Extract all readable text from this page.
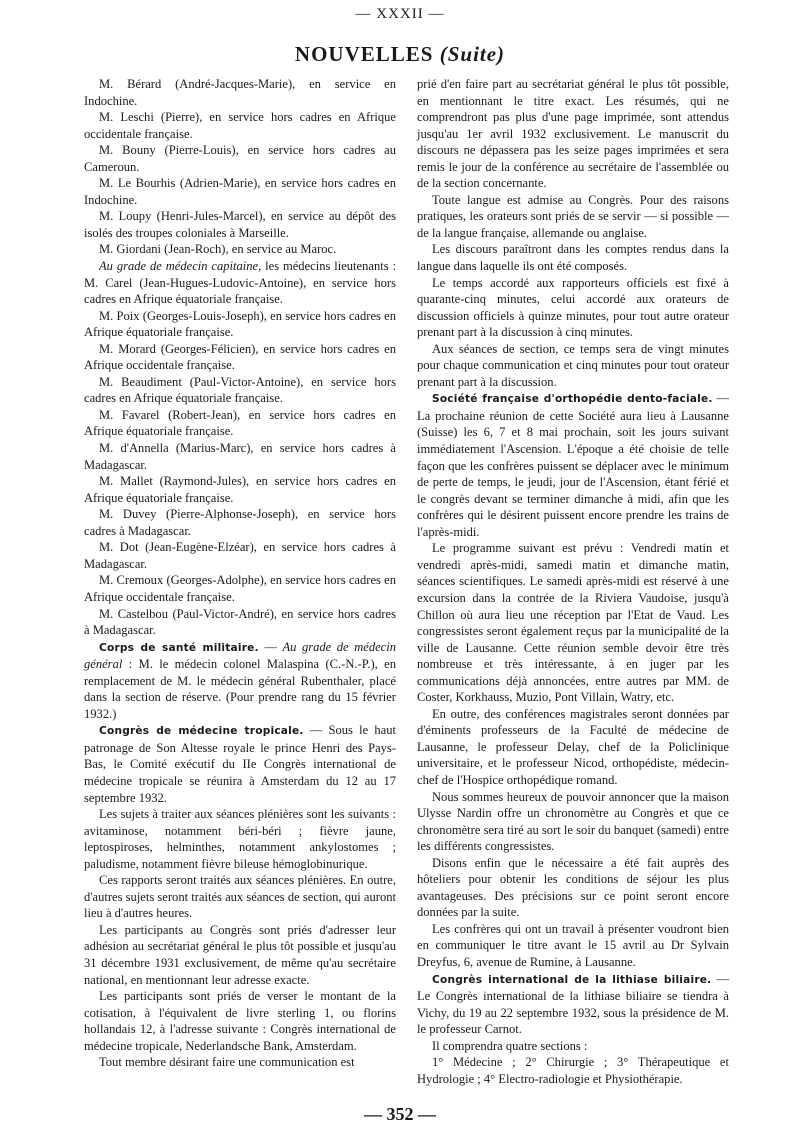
— XXXII —
NOUVELLES (Suite)

M. Bérard (André-Jacques-Marie), en service en Indochine.

M. Leschi (Pierre), en service hors cadres en Afrique occidentale française.

M. Bouny (Pierre-Louis), en service hors cadres au Cameroun.

M. Le Bourhis (Adrien-Marie), en service hors cadres en Indochine.

M. Loupy (Henri-Jules-Marcel), en service au dépôt des isolés des troupes coloniales à Marseille.

M. Giordani (Jean-Roch), en service au Maroc.

Au grade de médecin capitaine, les médecins lieutenants : M. Carel (Jean-Hugues-Ludovic-Antoine), en service hors cadres en Afrique équatoriale française.

M. Poix (Georges-Louis-Joseph), en service hors cadres en Afrique équatoriale française.

M. Morard (Georges-Félicien), en service hors cadres en Afrique occidentale française.

M. Beaudiment (Paul-Victor-Antoine), en service hors cadres en Afrique équatoriale française.

M. Favarel (Robert-Jean), en service hors cadres en Afrique équatoriale française.

M. d'Annella (Marius-Marc), en service hors cadres à Madagascar.

M. Mallet (Raymond-Jules), en service hors cadres en Afrique équatoriale française.

M. Duvey (Pierre-Alphonse-Joseph), en service hors cadres à Madagascar.

M. Dot (Jean-Eugène-Elzéar), en service hors cadres à Madagascar.

M. Cremoux (Georges-Adolphe), en service hors cadres en Afrique occidentale française.

M. Castelbou (Paul-Victor-André), en service hors cadres à Madagascar.

Corps de santé militaire. — Au grade de médecin général : M. le médecin colonel Malaspina (C.-N.-P.), en remplacement de M. le médecin général Rubenthaler, placé dans la section de réserve. (Pour prendre rang du 15 février 1932.)

Congrès de médecine tropicale. — Sous le haut patronage de Son Altesse royale le prince Henri des Pays-Bas, le Comité exécutif du IIe Congrès international de médecine tropicale se réunira à Amsterdam du 12 au 17 septembre 1932.

Les sujets à traiter aux séances plénières sont les suivants : avitaminose, notamment béri-béri ; fièvre jaune, leptospiroses, helminthes, notamment ankylostomes ; paludisme, notamment fièvre bileuse hémoglobinurique.

Ces rapports seront traités aux séances plénières. En outre, d'autres sujets seront traités aux séances de section, qui auront lieu à d'autres heures.

Les participants au Congrès sont priés d'adresser leur adhésion au secrétariat général le plus tôt possible et jusqu'au 31 décembre 1931 exclusivement, de même qu'au secrétaire national, en mentionnant leur adresse exacte.

Les participants sont priés de verser le montant de la cotisation, à l'équivalent de livre sterling 1, ou florins hollandais 12, à l'adresse suivante : Congrès international de médecine tropicale, Nederlandsche Bank, Amsterdam.

Tout membre désirant faire une communication est

prié d'en faire part au secrétariat général le plus tôt possible, en mentionnant le titre exact. Les résumés, qui ne comprendront pas plus d'une page imprimée, sont attendus jusqu'au 1er avril 1932 exclusivement. Le manuscrit du discours ne dépassera pas les seize pages imprimées et sera remis le jour de la conférence au secrétaire de l'assemblée ou de la section concernante.

Toute langue est admise au Congrès. Pour des raisons pratiques, les orateurs sont priés de se servir — si possible — de la langue française, allemande ou anglaise.

Les discours paraîtront dans les comptes rendus dans la langue dans laquelle ils ont été composés.

Le temps accordé aux rapporteurs officiels est fixé à quarante-cinq minutes, celui accordé aux orateurs de discussion officiels à quinze minutes, pour tout autre orateur prenant part à la discussion à cinq minutes.

Aux séances de section, ce temps sera de vingt minutes pour chaque communication et cinq minutes pour tout orateur prenant part à la discussion.

Société française d'orthopédie dento-faciale. — La prochaine réunion de cette Société aura lieu à Lausanne (Suisse) les 6, 7 et 8 mai prochain, soit les jours suivant immédiatement l'Ascension. L'époque a été choisie de telle façon que les confrères puissent se déplacer avec le minimum de perte de temps, le jeudi, jour de l'Ascension, étant férié et le congrès devant se terminer dimanche à midi, afin que les confrères qui le désirent puissent encore prendre les trains de l'après-midi.

Le programme suivant est prévu : Vendredi matin et vendredi après-midi, samedi matin et dimanche matin, séances scientifiques. Le samedi après-midi est réservé à une excursion dans la contrée de la Riviera Vaudoise, jusqu'à Chillon où aura lieu une réception par l'Etat de Vaud. Les congressistes seront également reçus par la municipalité de la ville de Lausanne. Cette réunion semble devoir être très nombreuse et très intéressante, à en juger par les communications déjà annoncées, entre autres par MM. de Coster, Korkhauss, Muzio, Pont Villain, Watry, etc.

En outre, des conférences magistrales seront données par d'éminents professeurs de la Faculté de médecine de Lausanne, le professeur Delay, chef de la Policlinique universitaire, et le professeur Nicod, orthopédiste, médecin-chef de l'Hospice orthopédique romand.

Nous sommes heureux de pouvoir annoncer que la maison Ulysse Nardin offre un chronomètre au Congrès et que ce chronomètre sera tiré au sort le soir du banquet (samedi) entre les différents congressistes.

Disons enfin que le nécessaire a été fait auprès des hôteliers pour obtenir les conditions de séjour les plus avantageuses. Des précisions sur ce point seront encore données par la suite.

Les confrères qui ont un travail à présenter voudront bien en communiquer le titre avant le 15 avril au Dr Sylvain Dreyfus, 6, avenue de Rumine, à Lausanne.

Congrès international de la lithiase biliaire. — Le Congrès international de la lithiase biliaire se tiendra à Vichy, du 19 au 22 septembre 1932, sous la présidence de M. le professeur Carnot.

Il comprendra quatre sections :

1° Médecine ; 2° Chirurgie ; 3° Thérapeutique et Hydrologie ; 4° Electro-radiologie et Physiothérapie.

— 352 —
